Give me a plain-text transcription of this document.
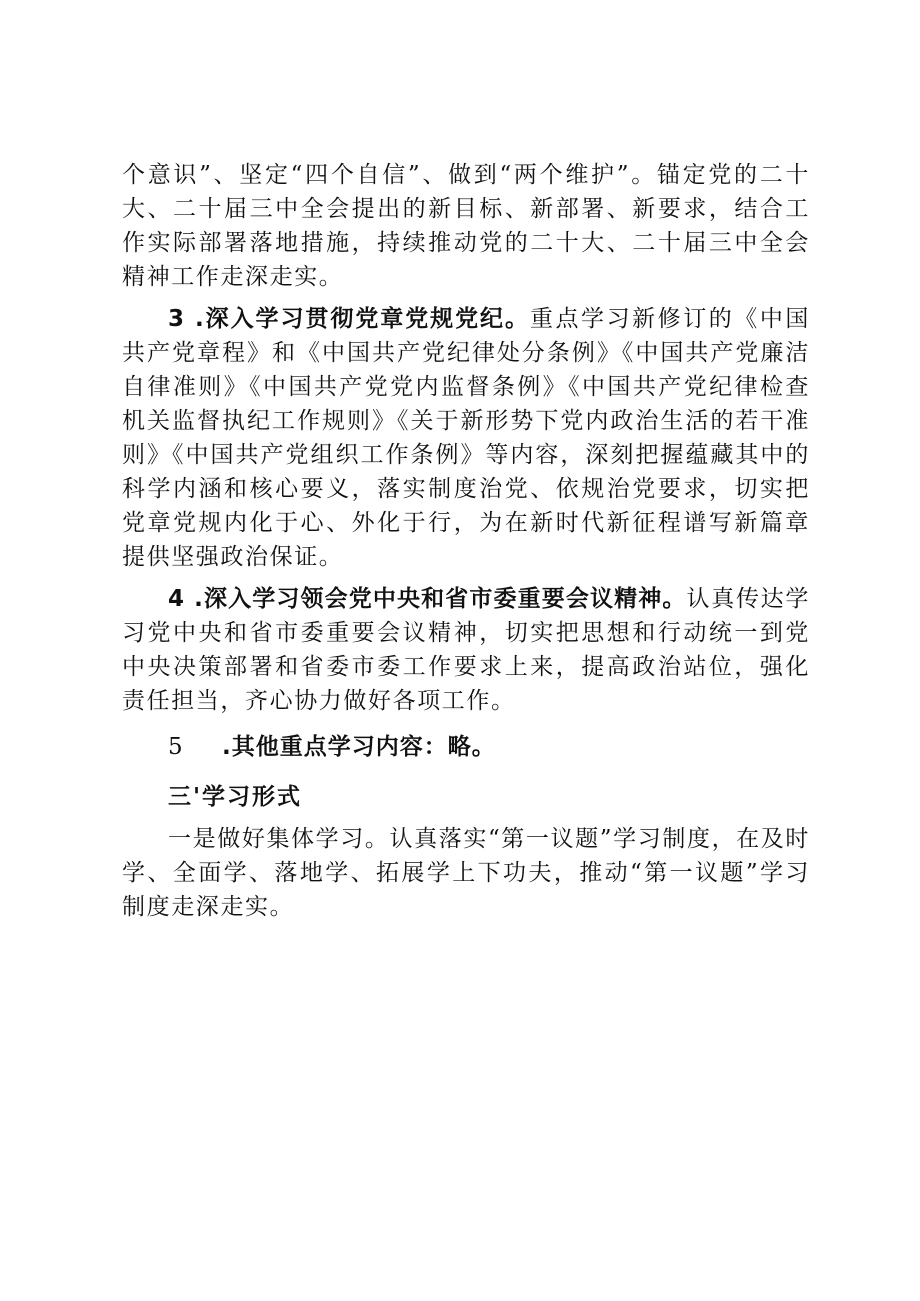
个意识”、坚定“四个自信”、做到“两个维护”。锚定党的二十大、二十届三中全会提出的新目标、新部署、新要求，结合工作实际部署落地措施，持续推动党的二十大、二十届三中全会精神工作走深走实。

3 .深入学习贯彻党章党规党纪。重点学习新修订的《中国共产党章程》和《中国共产党纪律处分条例》《中国共产党廉洁自律准则》《中国共产党党内监督条例》《中国共产党纪律检查机关监督执纪工作规则》《关于新形势下党内政治生活的若干准则》《中国共产党组织工作条例》等内容，深刻把握蕴藏其中的科学内涵和核心要义，落实制度治党、依规治党要求，切实把党章党规内化于心、外化于行，为在新时代新征程谱写新篇章提供坚强政治保证。

4 .深入学习领会党中央和省市委重要会议精神。认真传达学习党中央和省市委重要会议精神，切实把思想和行动统一到党中央决策部署和省委市委工作要求上来，提高政治站位，强化责任担当，齐心协力做好各项工作。

5 .其他重点学习内容：略。

三'学习形式

一是做好集体学习。认真落实“第一议题”学习制度，在及时学、全面学、落地学、拓展学上下功夫，推动“第一议题”学习制度走深走实。
